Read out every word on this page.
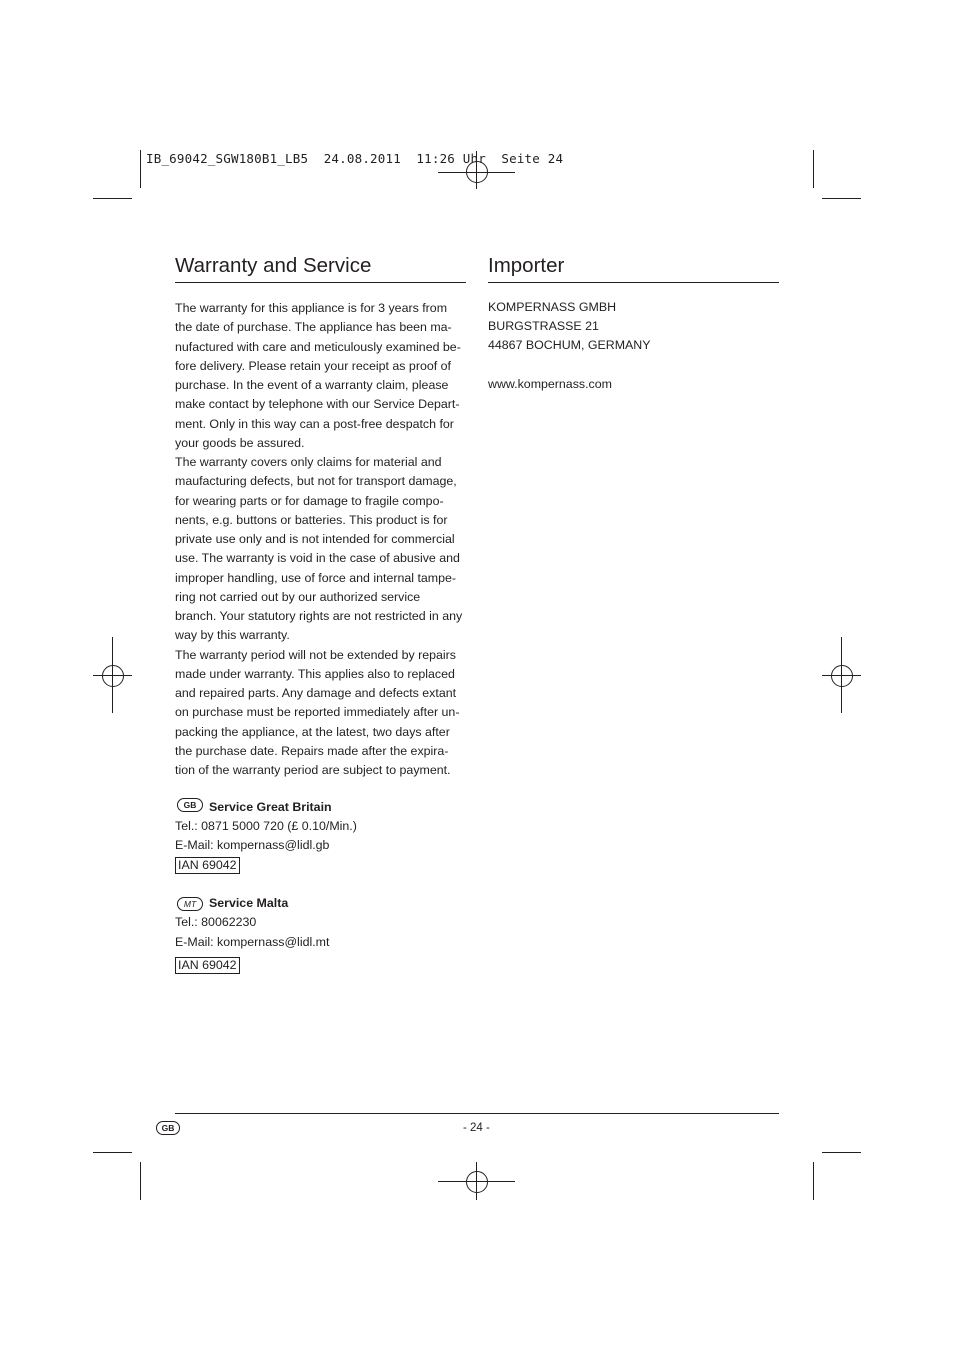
IB_69042_SGW180B1_LB5  24.08.2011  11:26 Uhr  Seite 24
Warranty and Service
The warranty for this appliance is for 3 years from
the date of purchase. The appliance has been ma-
nufactured with care and meticulously examined be-
fore delivery. Please retain your receipt as proof of
purchase. In the event of a warranty claim, please
make contact by telephone with our Service Depart-
ment. Only in this way can a post-free despatch for
your goods be assured.
The warranty covers only claims for material and
maufacturing defects, but not for transport damage,
for wearing parts or for damage to fragile compo-
nents, e.g. buttons or batteries. This product is for
private use only and is not intended for commercial
use. The warranty is void in the case of abusive and
improper handling, use of force and internal tampe-
ring not carried out by our authorized service
branch. Your statutory rights are not restricted in any
way by this warranty.
The warranty period will not be extended by repairs
made under warranty. This applies also to replaced
and repaired parts. Any damage and defects extant
on purchase must be reported immediately after un-
packing the appliance, at the latest, two days after
the purchase date. Repairs made after the expira-
tion of the warranty period are subject to payment.
GB	Service Great Britain
Tel.: 0871 5000 720 (£ 0.10/Min.)
E-Mail: kompernass@lidl.gb
IAN 69042
MT	Service Malta
Tel.: 80062230
E-Mail: kompernass@lidl.mt
IAN 69042
Importer
KOMPERNASS GMBH
BURGSTRASSE 21
44867 BOCHUM, GERMANY
www.kompernass.com
GB	- 24 -
